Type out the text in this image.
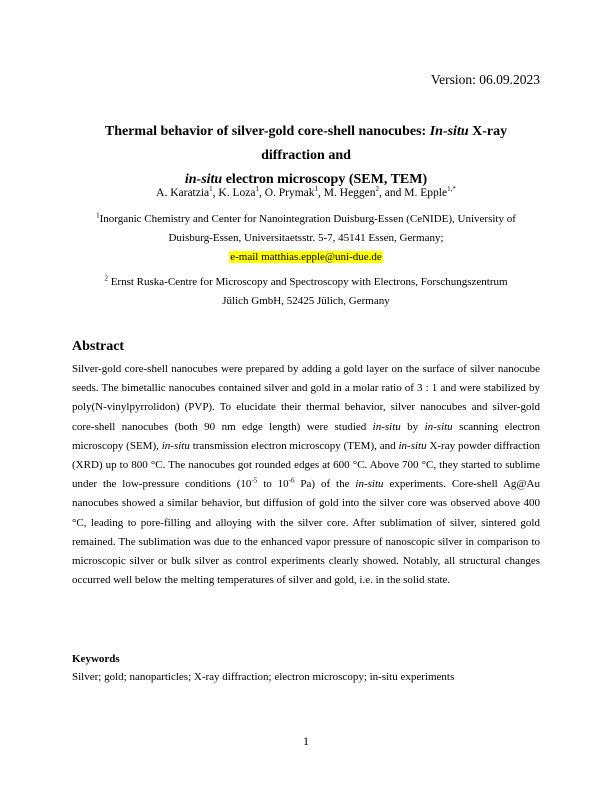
Version: 06.09.2023
Thermal behavior of silver-gold core-shell nanocubes: In-situ X-ray diffraction and
in-situ electron microscopy (SEM, TEM)
A. Karatzia$^1$, K. Loza$^1$, O. Prymak$^1$, M. Heggen$^2$, and M. Epple$^{1,*}$
$^1$Inorganic Chemistry and Center for Nanointegration Duisburg-Essen (CeNIDE), University of
Duisburg-Essen, Universitaetsstr. 5-7, 45141 Essen, Germany;
e-mail matthias.epple@uni-due.de
$^2$ Ernst Ruska-Centre for Microscopy and Spectroscopy with Electrons, Forschungszentrum
Jülich GmbH, 52425 Jülich, Germany
Abstract
Silver-gold core-shell nanocubes were prepared by adding a gold layer on the surface of silver nanocube seeds. The bimetallic nanocubes contained silver and gold in a molar ratio of 3 : 1 and were stabilized by poly(N-vinylpyrrolidon) (PVP). To elucidate their thermal behavior, silver nanocubes and silver-gold core-shell nanocubes (both 90 nm edge length) were studied in-situ by in-situ scanning electron microscopy (SEM), in-situ transmission electron microscopy (TEM), and in-situ X-ray powder diffraction (XRD) up to 800 °C. The nanocubes got rounded edges at 600 °C. Above 700 °C, they started to sublime under the low-pressure conditions ($10^{-5}$ to $10^{-6}$ Pa) of the in-situ experiments. Core-shell Ag@Au nanocubes showed a similar behavior, but diffusion of gold into the silver core was observed above 400 °C, leading to pore-filling and alloying with the silver core. After sublimation of silver, sintered gold remained. The sublimation was due to the enhanced vapor pressure of nanoscopic silver in comparison to microscopic silver or bulk silver as control experiments clearly showed. Notably, all structural changes occurred well below the melting temperatures of silver and gold, i.e. in the solid state.
Keywords
Silver; gold; nanoparticles; X-ray diffraction; electron microscopy; in-situ experiments
1
